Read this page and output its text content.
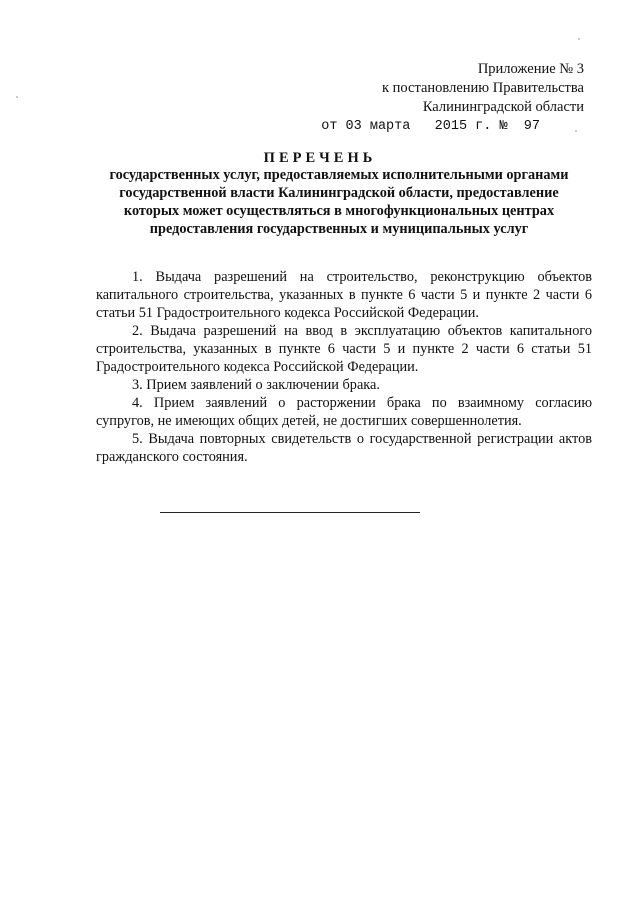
Приложение № 3
к постановлению Правительства
Калининградской области
от 03 марта   2015 г. №  97
ПЕРЕЧЕНЬ
государственных услуг, предоставляемых исполнительными органами государственной власти Калининградской области, предоставление которых может осуществляться в многофункциональных центрах предоставления государственных и муниципальных услуг

1. Выдача разрешений на строительство, реконструкцию объектов капитального строительства, указанных в пункте 6 части 5 и пункте 2 части 6 статьи 51 Градостроительного кодекса Российской Федерации.

2. Выдача разрешений на ввод в эксплуатацию объектов капитального строительства, указанных в пункте 6 части 5 и пункте 2 части 6 статьи 51 Градостроительного кодекса Российской Федерации.

3. Прием заявлений о заключении брака.

4. Прием заявлений о расторжении брака по взаимному согласию супругов, не имеющих общих детей, не достигших совершеннолетия.

5. Выдача повторных свидетельств о государственной регистрации актов гражданского состояния.
